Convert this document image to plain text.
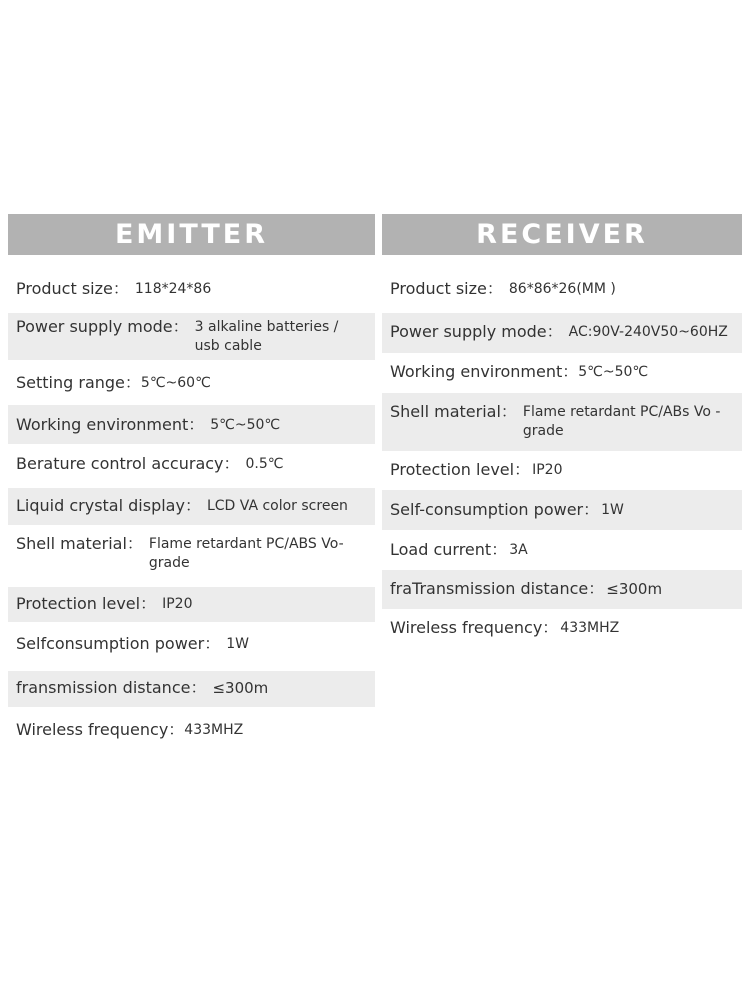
EMITTER
Product size： 118*24*86
Power supply mode： 3 alkaline batteries / usb cable
Setting range： 5℃~60℃
Working environment： 5℃~50℃
Berature control accuracy： 0.5℃
Liquid crystal display： LCD VA color screen
Shell material： Flame retardant PC/ABS Vo-grade
Protection level： IP20
Selfconsumption power： 1W
fransmission distance： ≤300m
Wireless frequency： 433MHZ
RECEIVER
Product size： 86*86*26(MM )
Power supply mode： AC:90V-240V50~60HZ
Working environment： 5℃~50℃
Shell material： Flame retardant PC/ABs Vo - grade
Protection level： IP20
Self-consumption power： 1W
Load current： 3A
fraTransmission distance： ≤300m
Wireless frequency： 433MHZ
